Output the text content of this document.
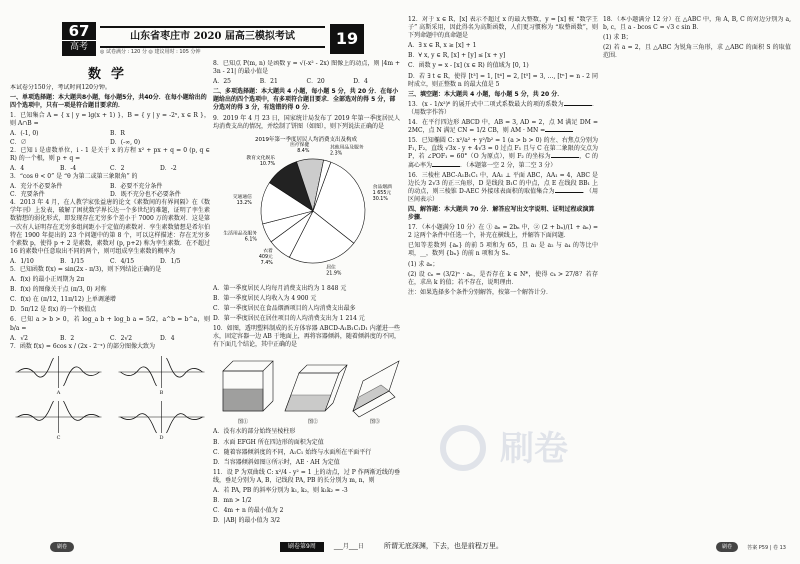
67
高考
山东省枣庄市 2020 届高三模拟考试	19
◎ 试卷满分 : 120 分 ◎ 建议用时 : 105 分钟
数学
本试卷分150分，考试时间120分钟。
一、单项选择题：本大题共8小题，每小题5分，共40分．在每小题给出的四个选项中，只有一项是符合题目要求的．
1．已知集合 A = { x | y = lg(x + 1) }，B = { y | y = -2ˣ, x ∈ R }，则 A∩B =
A．(-1, 0)	B．R
C．∅	D．(-∞, 0)
2．已知 i 是虚数单位，i - 1 是关于 x 的方程 x² + px + q = 0 (p, q ∈ R) 的一个根，则 p + q =
A．4	B．-4	C．2	D．-2
3．“cos θ < 0” 是 “θ 为第二或第三象限角” 的
A．充分不必要条件	B．必要不充分条件
C．充要条件	D．既不充分也不必要条件
4．2013 年 4 月，在人教学家张益唐的论文《素数间的有界间隔》在《数学年刊》上发表，破解了困扰数学界长达一个多世纪的难题，证明了孪生素数猜想的弱化形式，即发现存在无穷多个差小于 7000 万的素数对．这是第一次有人证明存在无穷多组间距小于定值的素数对．孪生素数猜想是希尔伯特在 1900 年提出的 23 个问题中的第 8 个，可以这样描述：存在无穷多个素数 p，使得 p + 2 是素数，素数对 (p, p+2) 称为孪生素数．在不超过 16 的素数中任意取出不同的两个，则可组成孪生素数的概率为
A．1/10	B．1/15	C．4/15	D．1/5
5．已知函数 f(x) = sin(2x - π/3)，则下列结论正确的是
A．f(x) 的最小正周期为 2π
B．f(x) 的图像关于点 (π/3, 0) 对称
C．f(x) 在 (π/12, 11π/12) 上单调递增
D．5π/12 是 f(x) 的一个极值点
6．已知 a > b > 0，若 log_a b + log_b a = 5/2，a^b = b^a，则 b/a =
A．√2	B．2	C．2√2	D．4
7．函数 f(x) = 6cos x / (2x - 2⁻ˣ) 的部分图像大致为
A	B
C	D
8．已知点 P(m, n) 是函数 y = √(-x² - 2x) 图像上的动点，则 |4m + 3n - 21| 的最小值是
A．25	B．21	C．20	D．4
二、多项选择题：本大题共 4 小题，每小题 5 分，共 20 分．在每小题给出的四个选项中，有多项符合题目要求．全部选对的得 5 分，部分选对的得 3 分，有选错的得 0 分．
9．2019 年 4 月 23 日，国家统计局发布了 2019 年第一季度居民人均消费支出的情况，并绘制了饼图（如图），则下列说法正确的是
2019年第一季度居民人均消费支出及构成
食品烟酒
1 655元
30.1%
居住
21.9%
衣着
409元
7.4%
生活用品及服务
6.1%
交通通信
13.2%
教育文化娱乐
10.7%
医疗保健
8.4%
其他用品及服务
2.3%
A．第一季度居民人均每月消费支出约为 1 848 元
B．第一季度居民人均收入为 4 900 元
C．第一季度居民在食品烟酒项目的人均消费支出最多
D．第一季度居民在居住项目的人均消费支出为 1 214 元
10．如图，透明塑料制成的长方体容器 ABCD-A₁B₁C₁D₁ 内灌进一些水，固定容器一边 AB 于地面上，再将容器倾斜，随着倾斜度的不同，有下面几个结论，其中正确的是
图①	图②	图③
A．没有水的部分始终呈棱柱形
B．水面 EFGH 所在四边形的面积为定值
C．随着容器倾斜度的不同，A₁C₁ 始终与水面所在平面平行
D．当容器倾斜如图③所示时，AE · AH 为定值
11．设 P 为双曲线 C: x²/4 - y² = 1 上的动点，过 P 作两渐近线的垂线，垂足分别为 A, B，记线段 PA, PB 的长分别为 m, n，则
A．若 PA, PB 的斜率分别为 k₁, k₂，则 k₁k₂ = -3
B．mn > 1/2
C．4m + n 的最小值为 2
D．|AB| 的最小值为 3/2
12．对于 x ∈ R，[x] 表示不超过 x 的最大整数，y = [x] 被 “数学王子” 高斯采用，因此得名为高斯函数，人们更习惯称为 “取整函数”，则下列命题中的真命题是
A．∃ x ∈ R, x ≥ [x] + 1
B．∀ x, y ∈ R, [x] + [y] ≤ [x + y]
C．函数 y = x - [x] (x ∈ R) 的值域为 [0, 1)
D．若 ∃ t ∈ R，使得 [t³] = 1, [t⁴] = 2, [t⁵] = 3, …, [tⁿ] = n - 2 同时成立，则正整数 n 的最大值是 5
三、填空题：本大题共 4 小题，每小题 5 分，共 20 分．
13．(x - 1/x²)⁶ 的展开式中二项式系数最大的项的系数为	．（用数字作答）
14．在平行四边形 ABCD 中，AB = 3, AD = 2，点 M 满足 DM = 2MC，点 N 满足 CN = 1/2 CB，则 AM · MN =
15．已知椭圆 C: x²/a² + y²/b² = 1 (a > b > 0) 的左、右焦点分别为 F₁, F₂，直线 √3x - y + 4√3 = 0 过点 F₁ 且与 C 在第二象限的交点为 P，若 ∠POF₁ = 60°（O 为原点），则 F₂ 的坐标为	，C 的离心率为	．（本题第一空 2 分，第二空 3 分）
16．三棱柱 ABC-A₁B₁C₁ 中，AA₁ ⊥ 平面 ABC，AA₁ = 4，ABC 是边长为 2√3 的正三角形，D 是线段 B₁C 的中点，点 E 在线段 BB₁ 上的动点，则三棱锥 D-AEC 外接球表面积的取值集合为	．（用区间表示）
四、解答题：本大题共 70 分．解答应写出文字说明、证明过程或演算步骤．
17．（本小题满分 10 分）在 ① aₙ = 2bₙ 中，② (2 + bₙ)/(1 + aₙ) = 2 这两个条件中任选一个，补充在横线上，并解答下面问题．
已知等差数列 {aₙ} 的前 5 项和为 65，且 a₁ 是 a₂ 与 a₄ 的等比中项，__，数列 {bₙ} 的前 n 项和为 Sₙ．
(1) 求 aₙ；
(2) 设 cₙ = (3/2)ⁿ · aₙ，是否存在 k ∈ N*，使得 cₖ > 27/8？若存在，求出 k 的值；若不存在，说明理由．
注：如果选择多个条件分别解答，按第一个解答计分．
18．（本小题满分 12 分）在 △ABC 中，角 A, B, C 的对边分别为 a, b, c，且 a - bcos C = √3 c sin B．
(1) 求 B；
(2) 若 a = 2，且 △ABC 为锐角三角形，求 △ABC 的面积 S 的取值范围．
刷卷
刷卷	刷卷第9周	___月___日	所谓无底深渊，下去，也是前程万里。	刷卷	答案 P59 | 卷 13
